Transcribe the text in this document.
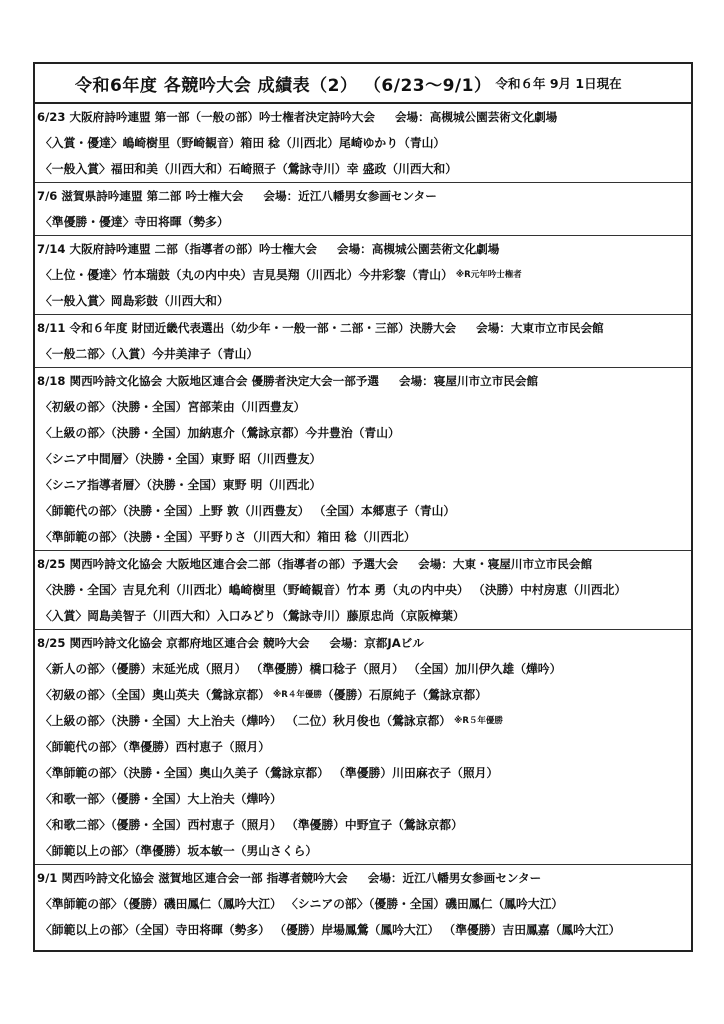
令和6年度 各競吟大会 成績表（2） （6/23〜9/1） 令和６年 9月 1日現在
6/23 大阪府詩吟連盟 第一部（一般の部）吟士権者決定詩吟大会 会場：高槻城公園芸術文化劇場
〈入賞・優達〉嶋崎樹里（野崎観音）箱田 稔（川西北）尾崎ゆかり（青山）
〈一般入賞〉福田和美（川西大和）石崎照子（鶯詠寺川）幸 盛政（川西大和）
7/6 滋賀県詩吟連盟 第二部 吟士権大会 会場：近江八幡男女参画センター
〈準優勝・優達〉寺田将暉（勢多）
7/14 大阪府詩吟連盟 二部（指導者の部）吟士権大会 会場：高槻城公園芸術文化劇場
〈上位・優達〉竹本瑞鼓（丸の内中央）吉見昊翔（川西北）今井彩黎（青山） ※R元年吟士権者
〈一般入賞〉岡島彩鼓（川西大和）
8/11 令和６年度 財団近畿代表選出（幼少年・一般一部・二部・三部）決勝大会 会場：大東市立市民会館
〈一般二部〉（入賞）今井美津子（青山）
8/18 関西吟詩文化協会 大阪地区連合会 優勝者決定大会一部予選 会場：寝屋川市立市民会館
〈初級の部〉（決勝・全国）宮部茉由（川西豊友）
〈上級の部〉（決勝・全国）加納恵介（鶯詠京都）今井豊治（青山）
〈シニア中間層〉（決勝・全国）東野 昭（川西豊友）
〈シニア指導者層〉（決勝・全国）東野 明（川西北）
〈師範代の部〉（決勝・全国）上野 敦（川西豊友） （全国）本郷恵子（青山）
〈準師範の部〉（決勝・全国）平野りさ（川西大和）箱田 稔（川西北）
8/25 関西吟詩文化協会 大阪地区連合会二部（指導者の部）予選大会 会場：大東・寝屋川市立市民会館
〈決勝・全国〉吉見允利（川西北）嶋崎樹里（野崎観音）竹本 勇（丸の内中央） （決勝）中村房恵（川西北）
〈入賞〉岡島美智子（川西大和）入口みどり（鶯詠寺川）藤原忠尚（京阪樟葉）
8/25 関西吟詩文化協会 京都府地区連合会 競吟大会 会場：京都JAビル
〈新人の部〉（優勝）末延光成（照月） （準優勝）橋口稔子（照月） （全国）加川伊久雄（燁吟）
〈初級の部〉（全国）奥山英夫（鶯詠京都） ※R４年優勝 （優勝）石原純子（鶯詠京都）
〈上級の部〉（決勝・全国）大上治夫（燁吟） （二位）秋月俊也（鶯詠京都） ※R５年優勝
〈師範代の部〉（準優勝）西村恵子（照月）
〈準師範の部〉（決勝・全国）奥山久美子（鶯詠京都） （準優勝）川田麻衣子（照月）
〈和歌一部〉（優勝・全国）大上治夫（燁吟）
〈和歌二部〉（優勝・全国）西村恵子（照月） （準優勝）中野宣子（鶯詠京都）
〈師範以上の部〉（準優勝）坂本敏一（男山さくら）
9/1 関西吟詩文化協会 滋賀地区連合会一部 指導者競吟大会 会場：近江八幡男女参画センター
〈準師範の部〉（優勝）磯田鳳仁（鳳吟大江） 〈シニアの部〉（優勝・全国）磯田鳳仁（鳳吟大江）
〈師範以上の部〉（全国）寺田将暉（勢多） （優勝）岸場鳳鶯（鳳吟大江） （準優勝）吉田鳳嘉（鳳吟大江）
